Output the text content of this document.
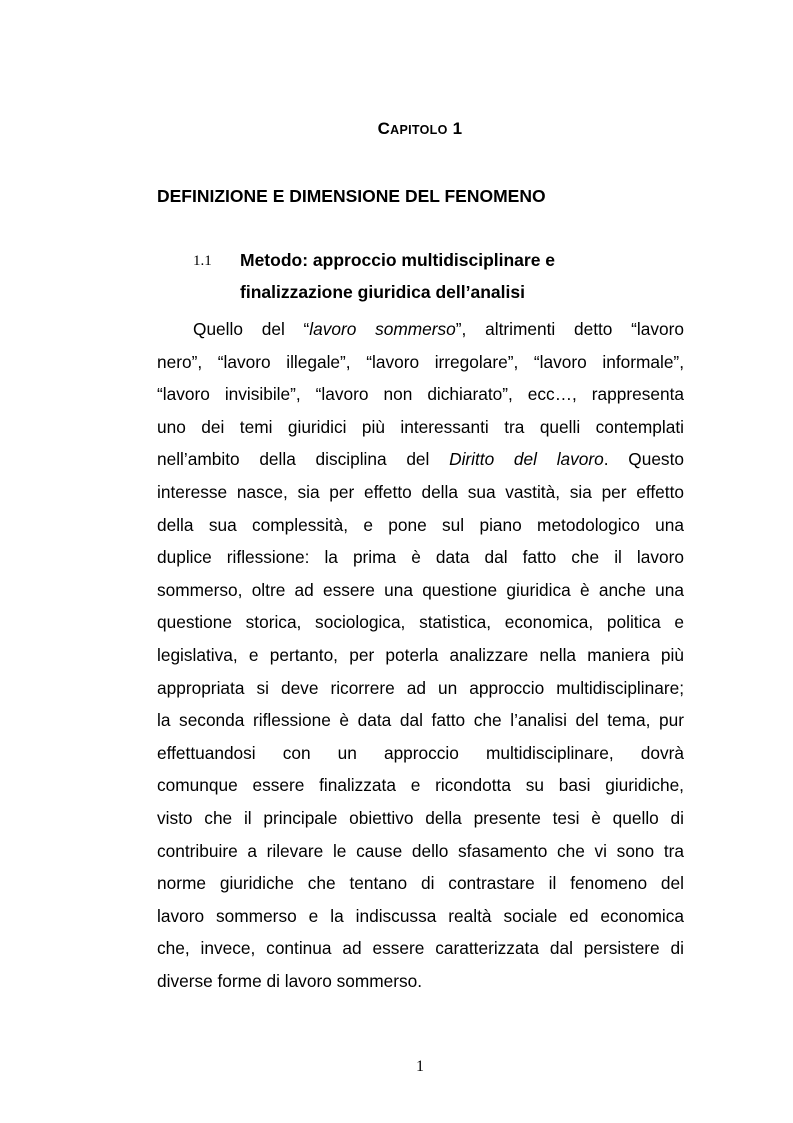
CAPITOLO 1
DEFINIZIONE E DIMENSIONE DEL FENOMENO
1.1 Metodo: approccio multidisciplinare e
finalizzazione giuridica dell’analisi
Quello del “lavoro sommerso”, altrimenti detto “lavoro
nero”, “lavoro illegale”, “lavoro irregolare”, “lavoro informale”,
“lavoro invisibile”, “lavoro non dichiarato”, ecc…, rappresenta
uno dei temi giuridici più interessanti tra quelli contemplati
nell’ambito della disciplina del Diritto del lavoro. Questo
interesse nasce, sia per effetto della sua vastità, sia per effetto
della sua complessità, e pone sul piano metodologico una
duplice riflessione: la prima è data dal fatto che il lavoro
sommerso, oltre ad essere una questione giuridica è anche una
questione storica, sociologica, statistica, economica, politica e
legislativa, e pertanto, per poterla analizzare nella maniera più
appropriata si deve ricorrere ad un approccio multidisciplinare;
la seconda riflessione è data dal fatto che l’analisi del tema, pur
effettuandosi con un approccio multidisciplinare, dovrà
comunque essere finalizzata e ricondotta su basi giuridiche,
visto che il principale obiettivo della presente tesi è quello di
contribuire a rilevare le cause dello sfasamento che vi sono tra
norme giuridiche che tentano di contrastare il fenomeno del
lavoro sommerso e la indiscussa realtà sociale ed economica
che, invece, continua ad essere caratterizzata dal persistere di
diverse forme di lavoro sommerso.
1
